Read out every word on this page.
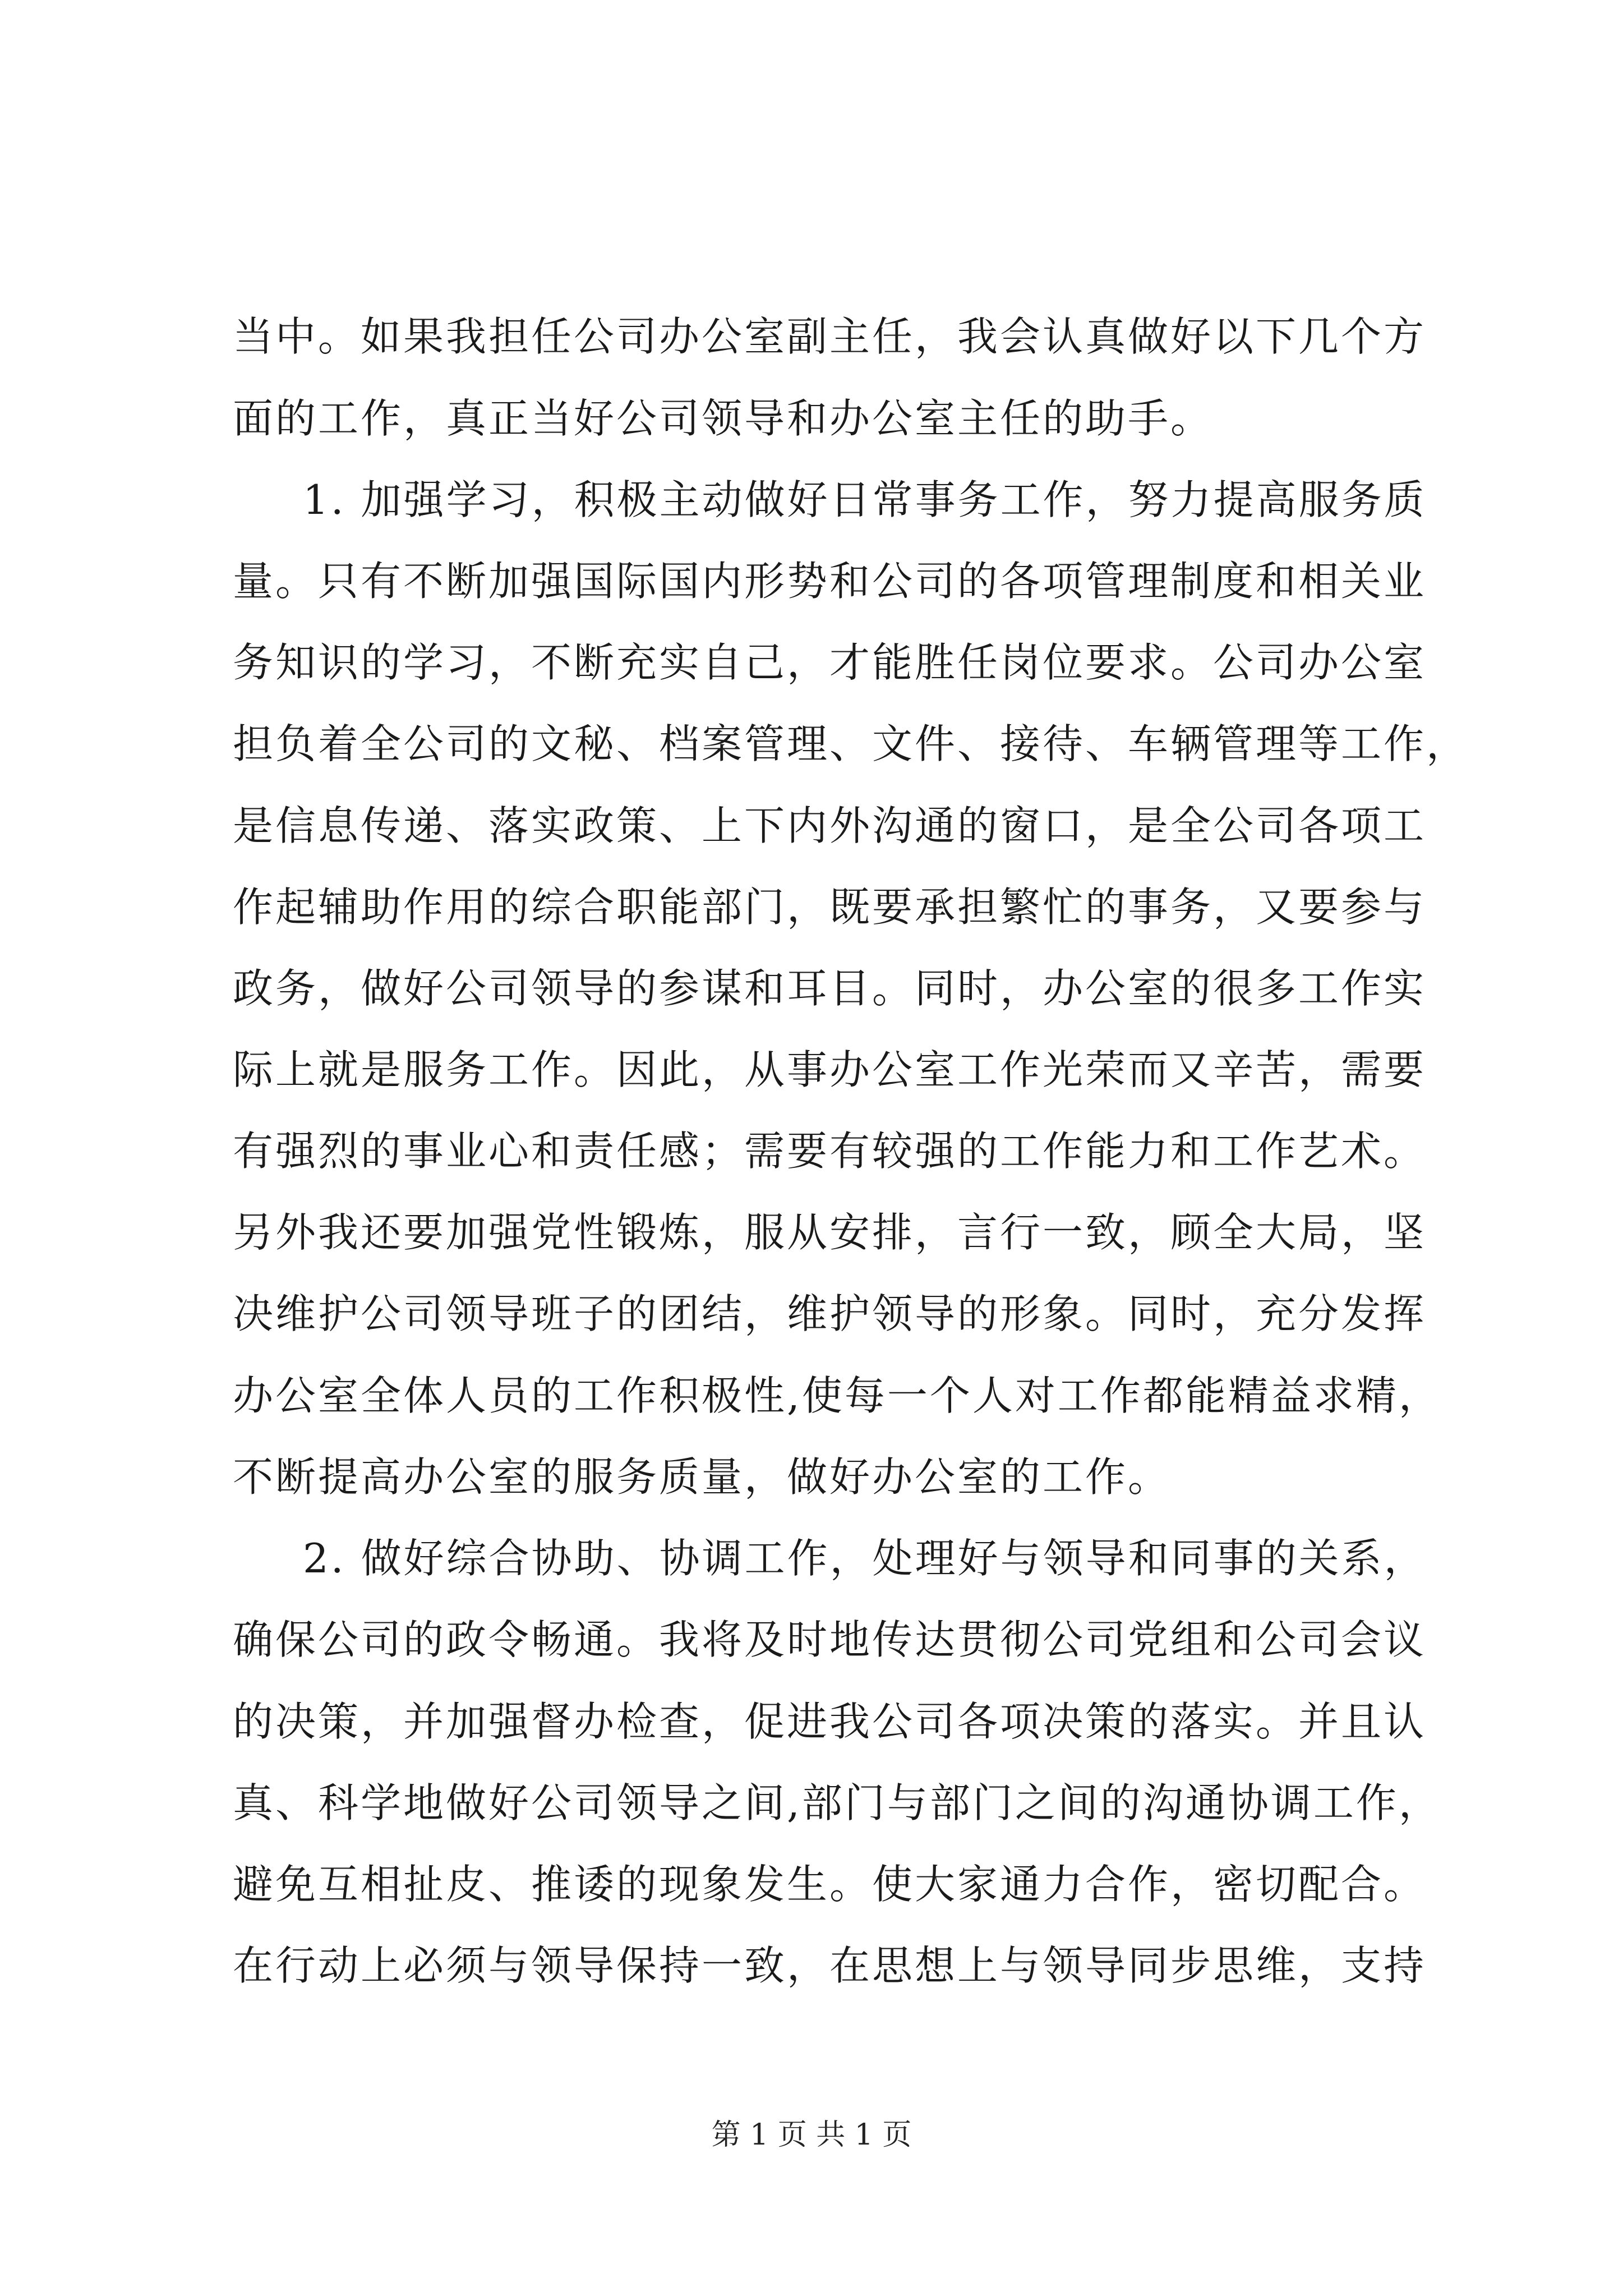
当中。如果我担任公司办公室副主任，我会认真做好以下几个方
面的工作，真正当好公司领导和办公室主任的助手。
1. 加强学习，积极主动做好日常事务工作，努力提高服务质
量。只有不断加强国际国内形势和公司的各项管理制度和相关业
务知识的学习，不断充实自己，才能胜任岗位要求。公司办公室
担负着全公司的文秘、档案管理、文件、接待、车辆管理等工作，
是信息传递、落实政策、上下内外沟通的窗口，是全公司各项工
作起辅助作用的综合职能部门，既要承担繁忙的事务，又要参与
政务，做好公司领导的参谋和耳目。同时，办公室的很多工作实
际上就是服务工作。因此，从事办公室工作光荣而又辛苦，需要
有强烈的事业心和责任感；需要有较强的工作能力和工作艺术。
另外我还要加强党性锻炼，服从安排，言行一致，顾全大局，坚
决维护公司领导班子的团结，维护领导的形象。同时，充分发挥
办公室全体人员的工作积极性,使每一个人对工作都能精益求精，
不断提高办公室的服务质量，做好办公室的工作。
2. 做好综合协助、协调工作，处理好与领导和同事的关系，
确保公司的政令畅通。我将及时地传达贯彻公司党组和公司会议
的决策，并加强督办检查，促进我公司各项决策的落实。并且认
真、科学地做好公司领导之间,部门与部门之间的沟通协调工作，
避免互相扯皮、推诿的现象发生。使大家通力合作，密切配合。
在行动上必须与领导保持一致，在思想上与领导同步思维，支持
第 1 页 共 1 页
